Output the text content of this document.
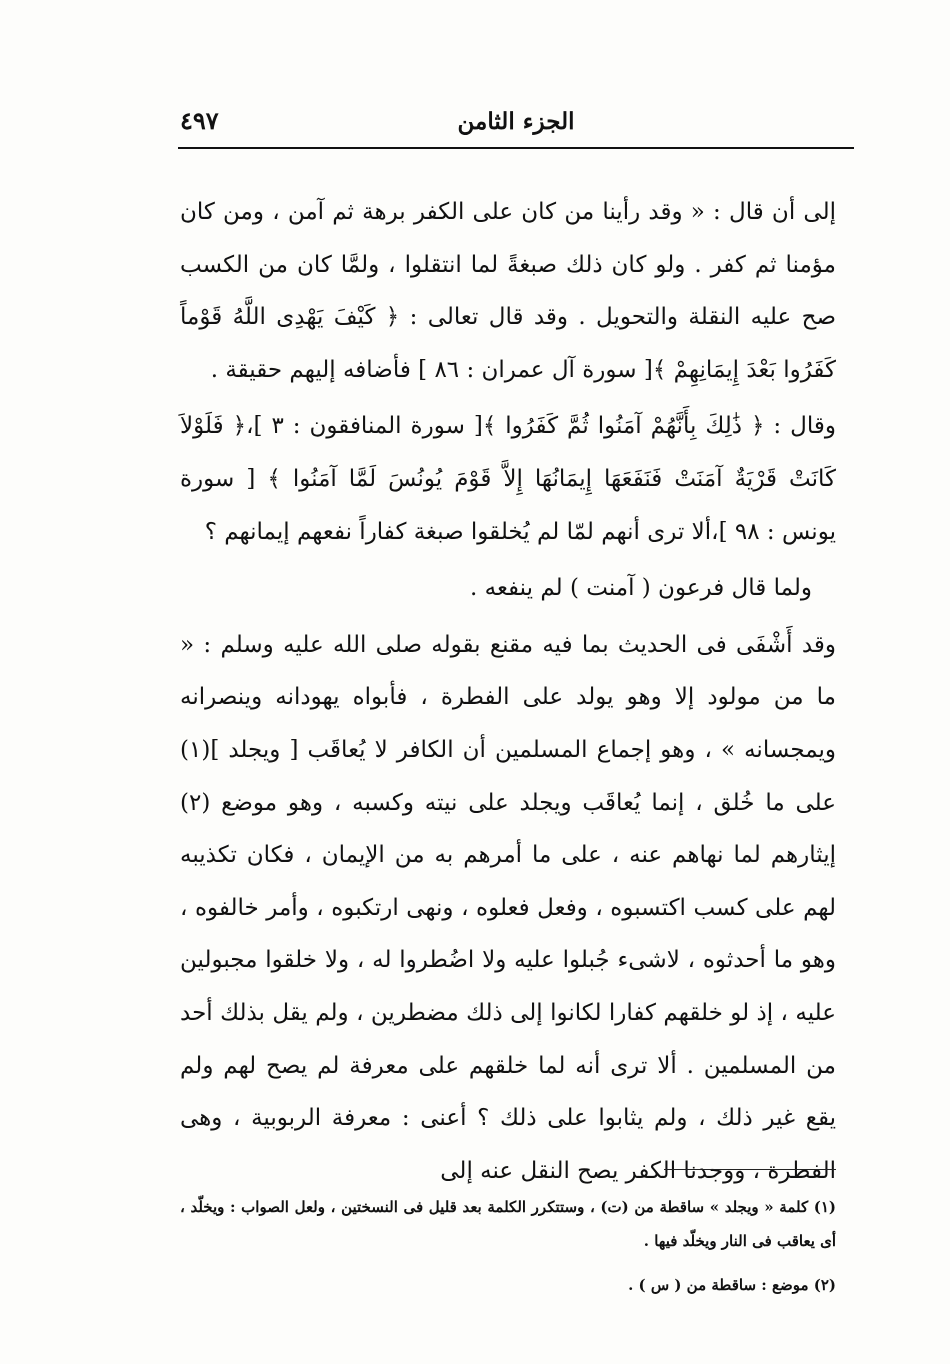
الجزء الثامن
٤٩٧

إلى أن قال : « وقد رأينا من كان على الكفر برهة ثم آمن ، ومن كان مؤمنا ثم كفر . ولو كان ذلك صبغةً لما انتقلوا ، ولمَّا كان من الكسب صح عليه النقلة والتحويل . وقد قال تعالى : ﴿ كَيْفَ يَهْدِى اللَّهُ قَوْماً كَفَرُوا بَعْدَ إِيمَانِهِمْ ﴾[ سورة آل عمران : ٨٦ ] فأضافه إليهم حقيقة .

وقال : ﴿ ذَٰلِكَ بِأَنَّهُمْ آمَنُوا ثُمَّ كَفَرُوا ﴾[ سورة المنافقون : ٣ ]،﴿ فَلَوْلاَ كَانَتْ قَرْيَةٌ آمَنَتْ فَنَفَعَهَا إِيمَانُهَا إِلاَّ قَوْمَ يُونُسَ لَمَّا آمَنُوا ﴾ [ سورة يونس : ٩٨ ]،ألا ترى أنهم لمّا لم يُخلقوا صبغة كفاراً نفعهم إيمانهم ؟

ولما قال فرعون ( آمنت ) لم ينفعه .

وقد أَشْفَى فى الحديث بما فيه مقنع بقوله صلى الله عليه وسلم : « ما من مولود إلا وهو يولد على الفطرة ، فأبواه يهودانه وينصرانه ويمجسانه » ، وهو إجماع المسلمين أن الكافر لا يُعاقَب [ ويجلد ](١) على ما خُلق ، إنما يُعاقَب ويجلد على نيته وكسبه ، وهو موضع (٢) إيثارهم لما نهاهم عنه ، على ما أمرهم به من الإيمان ، فكان تكذيبه لهم على كسب اكتسبوه ، وفعل فعلوه ، ونهى ارتكبوه ، وأمر خالفوه ، وهو ما أحدثوه ، لاشىء جُبلوا عليه ولا اضُطروا له ، ولا خلقوا مجبولين عليه ، إذ لو خلقهم كفارا لكانوا إلى ذلك مضطرين ، ولم يقل بذلك أحد من المسلمين . ألا ترى أنه لما خلقهم على معرفة لم يصح لهم ولم يقع غير ذلك ، ولم يثابوا على ذلك ؟ أعنى : معرفة الربوبية ، وهى الفطرة ، ووجدنا الكفر يصح النقل عنه إلى

(١) كلمة « ويجلد » ساقطة من (ت) ، وستتكرر الكلمة بعد قليل فى النسختين ، ولعل الصواب : ويخلّد ، أى يعاقب فى النار ويخلّد فيها .

(٢) موضع : ساقطة من ( س ) .
